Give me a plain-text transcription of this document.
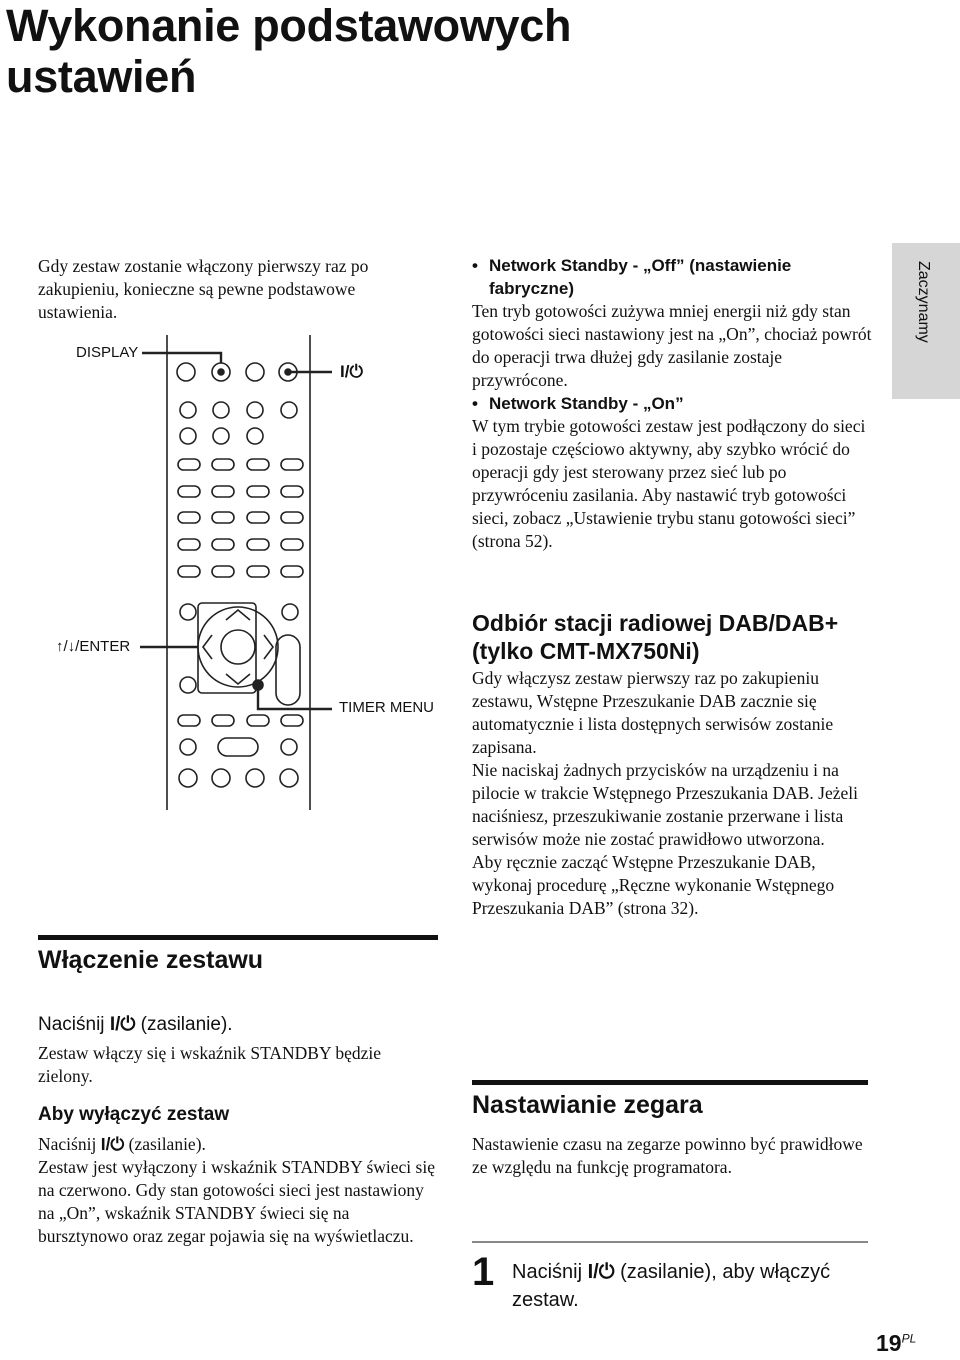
Wykonanie podstawowych
ustawień
Zaczynamy
Gdy zestaw zostanie włączony pierwszy raz po zakupieniu, konieczne są pewne podstawowe ustawienia.
DISPLAY
I/⏻
↑/↓/ENTER
TIMER MENU
• Network Standby - „Off” (nastawienie fabryczne)
Ten tryb gotowości zużywa mniej energii niż gdy stan gotowości sieci nastawiony jest na „On”, chociaż powrót do operacji trwa dłużej gdy zasilanie zostaje przywrócone.
• Network Standby - „On”
W tym trybie gotowości zestaw jest podłączony do sieci i pozostaje częściowo aktywny, aby szybko wrócić do operacji gdy jest sterowany przez sieć lub po przywróceniu zasilania. Aby nastawić tryb gotowości sieci, zobacz „Ustawienie trybu stanu gotowości sieci” (strona 52).
Odbiór stacji radiowej DAB/DAB+ (tylko CMT-MX750Ni)
Gdy włączysz zestaw pierwszy raz po zakupieniu zestawu, Wstępne Przeszukanie DAB zacznie się automatycznie i lista dostępnych serwisów zostanie zapisana.
Nie naciskaj żadnych przycisków na urządzeniu i na pilocie w trakcie Wstępnego Przeszukania DAB. Jeżeli naciśniesz, przeszukiwanie zostanie przerwane i lista serwisów może nie zostać prawidłowo utworzona.
Aby ręcznie zacząć Wstępne Przeszukanie DAB, wykonaj procedurę „Ręczne wykonanie Wstępnego Przeszukania DAB” (strona 32).
Włączenie zestawu
Naciśnij I/⏻ (zasilanie).
Zestaw włączy się i wskaźnik STANDBY będzie zielony.
Aby wyłączyć zestaw
Naciśnij I/⏻ (zasilanie).
Zestaw jest wyłączony i wskaźnik STANDBY świeci się na czerwono. Gdy stan gotowości sieci jest nastawiony na „On”, wskaźnik STANDBY świeci się na bursztynowo oraz zegar pojawia się na wyświetlaczu.
Nastawianie zegara
Nastawienie czasu na zegarze powinno być prawidłowe ze względu na funkcję programatora.
1 Naciśnij I/⏻ (zasilanie), aby włączyć zestaw.
$19^{PL}$
